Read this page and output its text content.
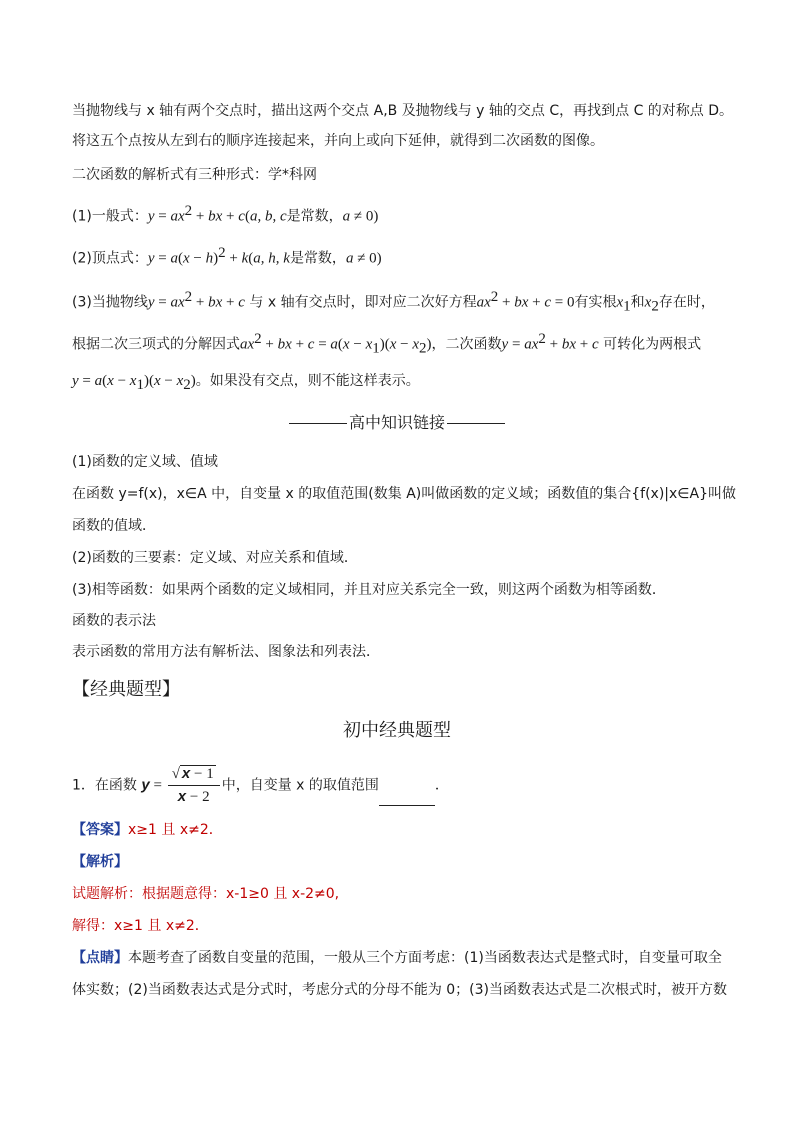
当抛物线与 x 轴有两个交点时，描出这两个交点 A,B 及抛物线与 y 轴的交点 C，再找到点 C 的对称点 D。
将这五个点按从左到右的顺序连接起来，并向上或向下延伸，就得到二次函数的图像。
二次函数的解析式有三种形式：学*科网
(1)一般式：$y = ax^2$ + bx + c(a, b, c是常数，a ≠ 0)
(2)顶点式：$y = a(x - h)^2 + k(a$, h, k是常数，a ≠ 0)
(3)当抛物线$y = ax^2$ + bx + c 与 x 轴有交点时，即对应二次好方程$ax^2$ + bx + c = 0有实根$x_1$和$x_2$存在时，
根据二次三项式的分解因式$ax^2$ + bx + $c = a(x - x_1)(x - x_2)$，二次函数$y = ax^2$ + bx + c 可转化为两根式
$y = a(x - x_1)(x - x_2)$。如果没有交点，则不能这样表示。
高中知识链接
(1)函数的定义域、值域
在函数 y=f(x)，x∈A 中，自变量 x 的取值范围(数集 A)叫做函数的定义域；函数值的集合{f(x)|x∈A}叫做
函数的值域．
(2)函数的三要素：定义域、对应关系和值域．
(3)相等函数：如果两个函数的定义域相同，并且对应关系完全一致，则这两个函数为相等函数．
函数的表示法
表示函数的常用方法有解析法、图象法和列表法．
【经典题型】
初中经典题型
1．在函数 $y = \frac{√ x - 1}{x - 2}$ 中，自变量 x 的取值范围	．
【答案】x≥1 且 x≠2．
【解析】
试题解析：根据题意得：x-1≥0 且 x-2≠0,
解得：x≥1 且 x≠2．
【点睛】本题考查了函数自变量的范围，一般从三个方面考虑：(1)当函数表达式是整式时，自变量可取全
体实数；(2)当函数表达式是分式时，考虑分式的分母不能为 0；(3)当函数表达式是二次根式时，被开方数
